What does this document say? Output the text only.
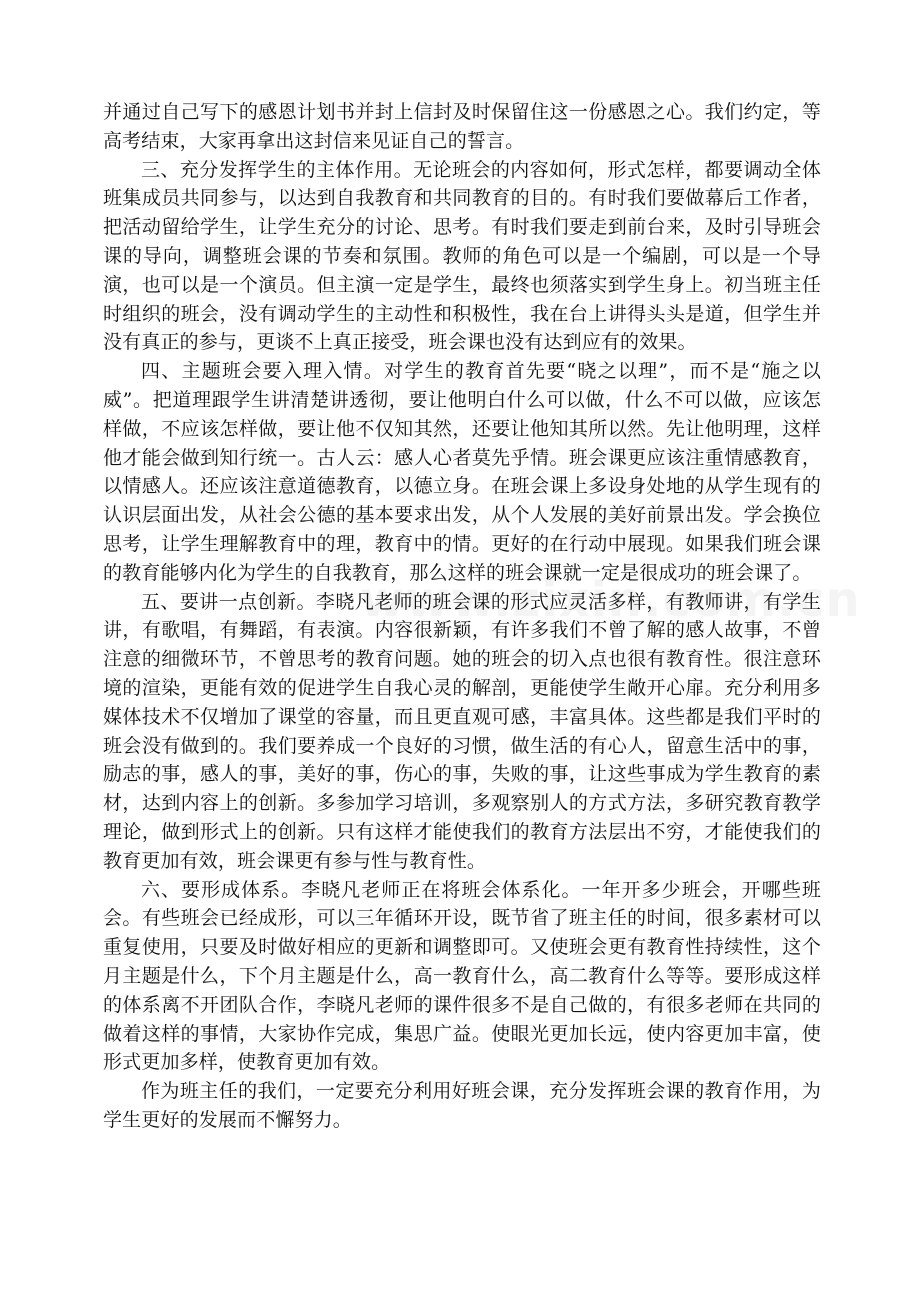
并通过自己写下的感恩计划书并封上信封及时保留住这一份感恩之心。我们约定，等高考结束，大家再拿出这封信来见证自己的誓言。

三、充分发挥学生的主体作用。无论班会的内容如何，形式怎样，都要调动全体班集成员共同参与，以达到自我教育和共同教育的目的。有时我们要做幕后工作者，把活动留给学生，让学生充分的讨论、思考。有时我们要走到前台来，及时引导班会课的导向，调整班会课的节奏和氛围。教师的角色可以是一个编剧，可以是一个导演，也可以是一个演员。但主演一定是学生，最终也须落实到学生身上。初当班主任时组织的班会，没有调动学生的主动性和积极性，我在台上讲得头头是道，但学生并没有真正的参与，更谈不上真正接受，班会课也没有达到应有的效果。

四、主题班会要入理入情。对学生的教育首先要“晓之以理”，而不是“施之以威”。把道理跟学生讲清楚讲透彻，要让他明白什么可以做，什么不可以做，应该怎样做，不应该怎样做，要让他不仅知其然，还要让他知其所以然。先让他明理，这样他才能会做到知行统一。古人云：感人心者莫先乎情。班会课更应该注重情感教育，以情感人。还应该注意道德教育，以德立身。在班会课上多设身处地的从学生现有的认识层面出发，从社会公德的基本要求出发，从个人发展的美好前景出发。学会换位思考，让学生理解教育中的理，教育中的情。更好的在行动中展现。如果我们班会课的教育能够内化为学生的自我教育，那么这样的班会课就一定是很成功的班会课了。

五、要讲一点创新。李晓凡老师的班会课的形式应灵活多样，有教师讲，有学生讲，有歌唱，有舞蹈，有表演。内容很新颖，有许多我们不曾了解的感人故事，不曾注意的细微环节，不曾思考的教育问题。她的班会的切入点也很有教育性。很注意环境的渲染，更能有效的促进学生自我心灵的解剖，更能使学生敞开心扉。充分利用多媒体技术不仅增加了课堂的容量，而且更直观可感，丰富具体。这些都是我们平时的班会没有做到的。我们要养成一个良好的习惯，做生活的有心人，留意生活中的事，励志的事，感人的事，美好的事，伤心的事，失败的事，让这些事成为学生教育的素材，达到内容上的创新。多参加学习培训，多观察别人的方式方法，多研究教育教学理论，做到形式上的创新。只有这样才能使我们的教育方法层出不穷，才能使我们的教育更加有效，班会课更有参与性与教育性。

六、要形成体系。李晓凡老师正在将班会体系化。一年开多少班会，开哪些班会。有些班会已经成形，可以三年循环开设，既节省了班主任的时间，很多素材可以重复使用，只要及时做好相应的更新和调整即可。又使班会更有教育性持续性，这个月主题是什么，下个月主题是什么，高一教育什么，高二教育什么等等。要形成这样的体系离不开团队合作，李晓凡老师的课件很多不是自己做的，有很多老师在共同的做着这样的事情，大家协作完成，集思广益。使眼光更加长远，使内容更加丰富，使形式更加多样，使教育更加有效。

作为班主任的我们，一定要充分利用好班会课，充分发挥班会课的教育作用，为学生更好的发展而不懈努力。
